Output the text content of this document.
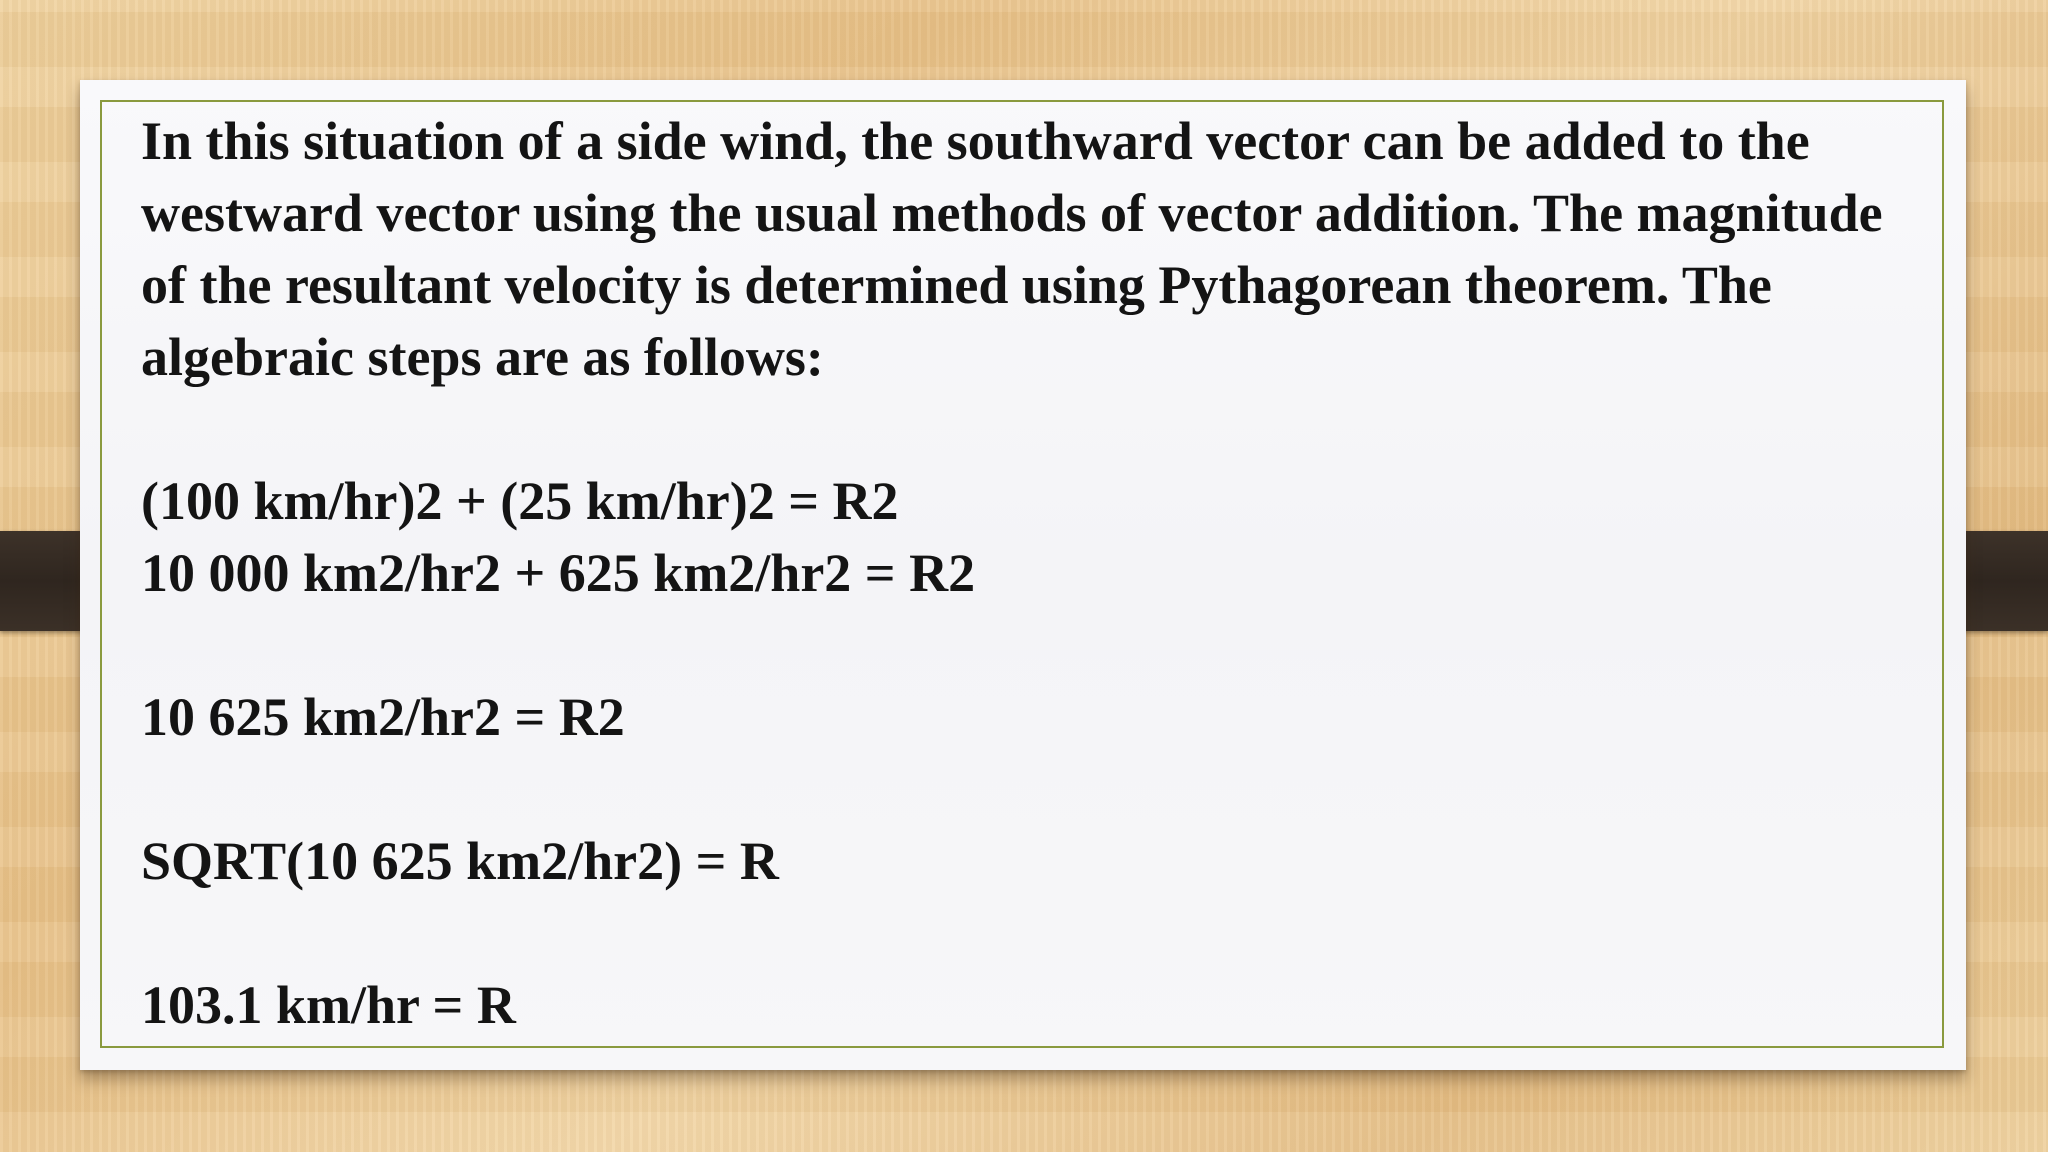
In this situation of a side wind, the southward vector can be added to the westward vector using the usual methods of vector addition. The magnitude of the resultant velocity is determined using Pythagorean theorem. The algebraic steps are as follows:

(100 km/hr)2 + (25 km/hr)2 = R2

10 000 km2/hr2 + 625 km2/hr2 = R2

10 625 km2/hr2 = R2

SQRT(10 625 km2/hr2) = R

103.1 km/hr = R
